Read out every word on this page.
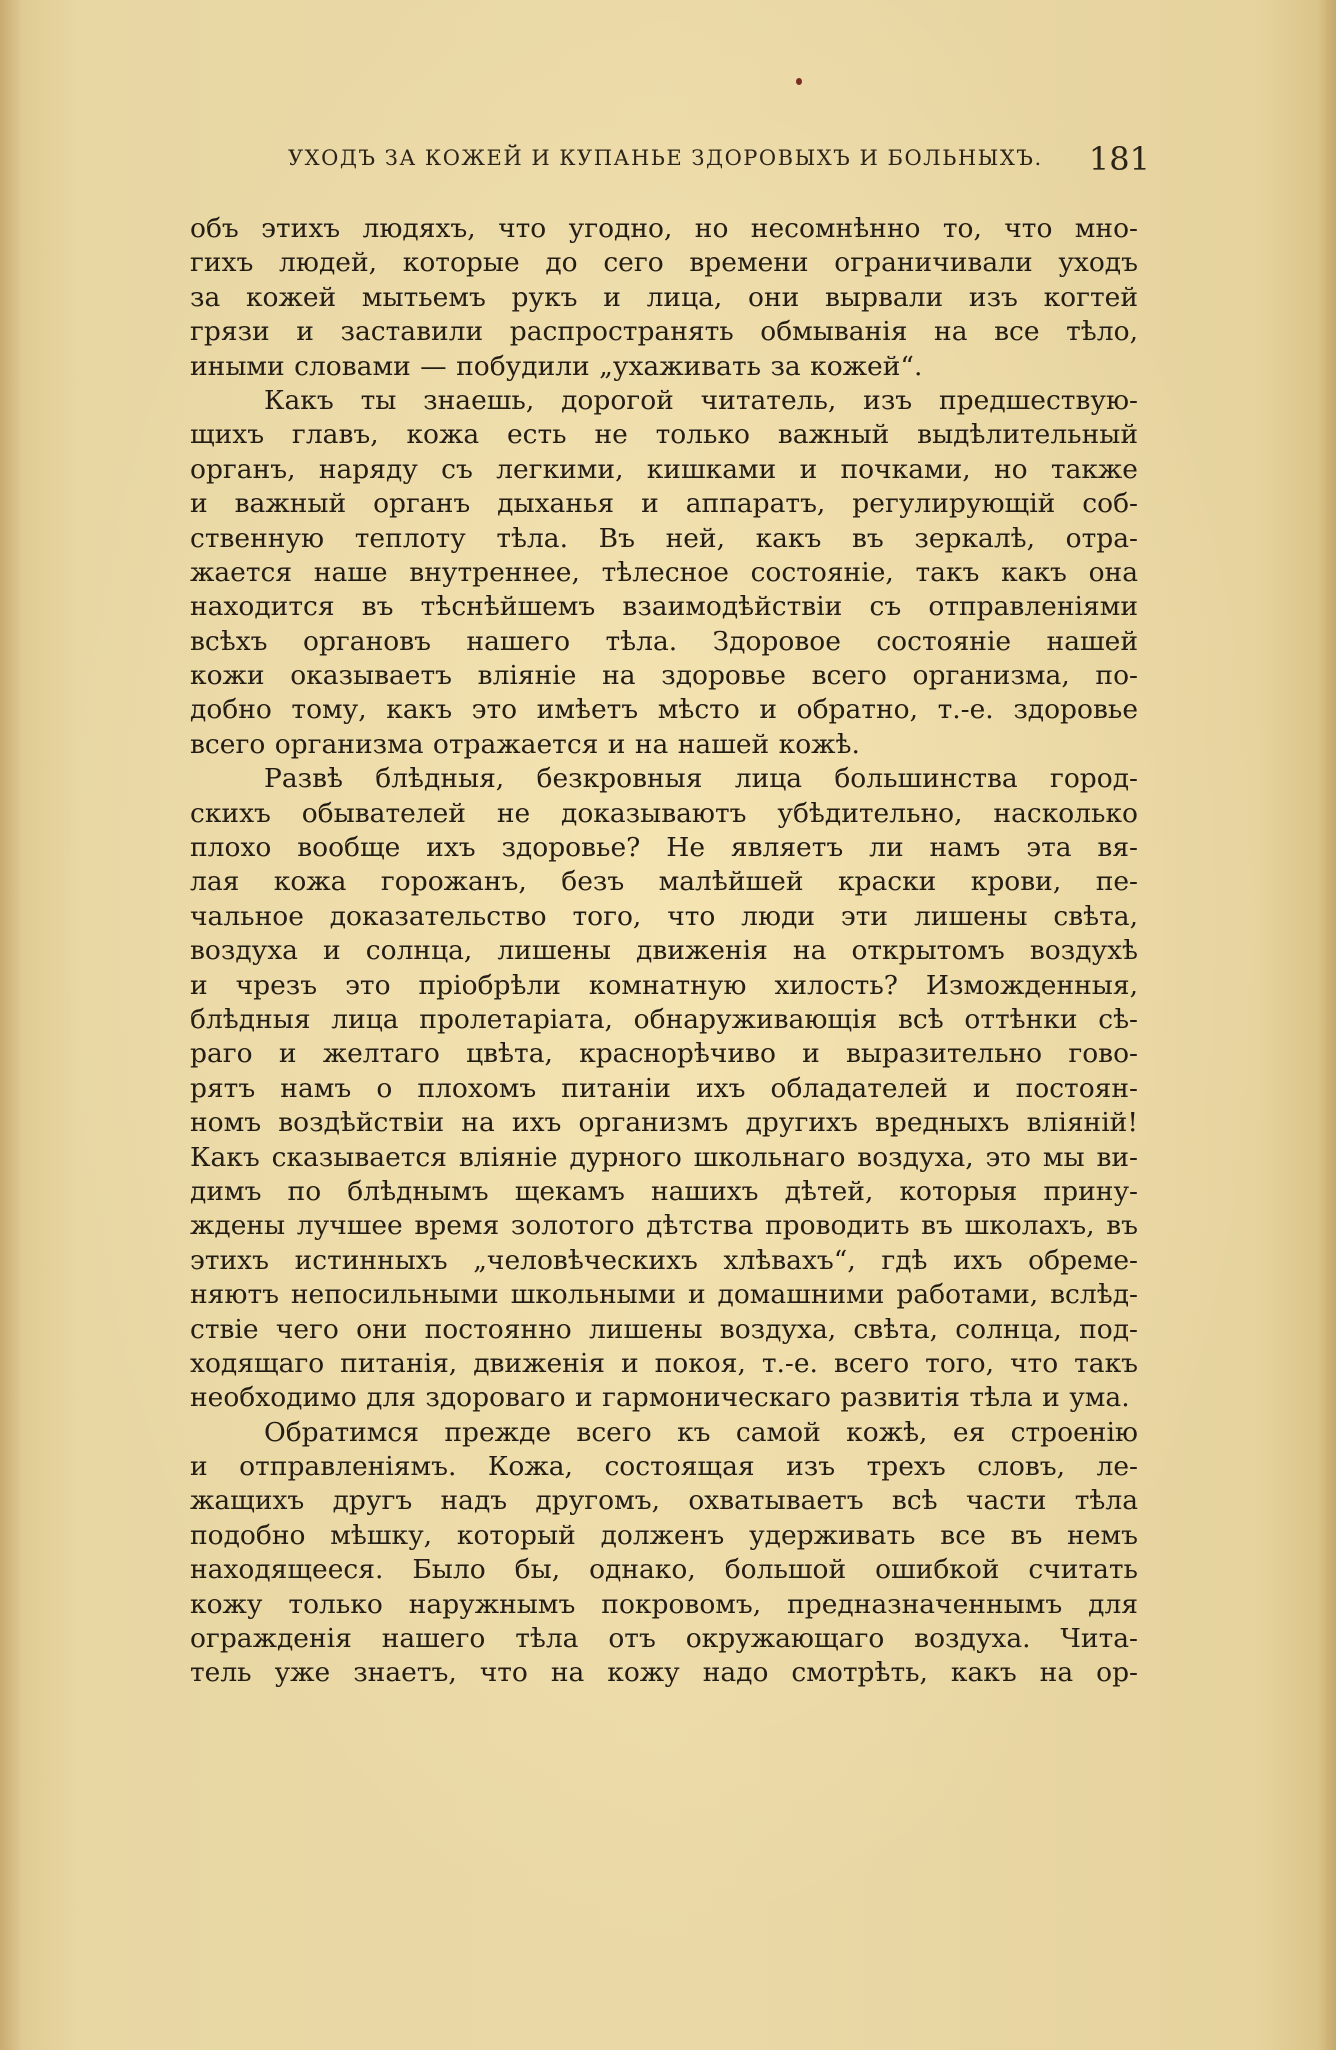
УХОДЪ ЗА КОЖЕЙ И КУПАНЬЕ ЗДОРОВЫХЪ И БОЛЬНЫХЪ. 181
объ этихъ людяхъ, что угодно, но несомнѣнно то, что мно-
гихъ людей, которые до сего времени ограничивали уходъ
за кожей мытьемъ рукъ и лица, они вырвали изъ когтей
грязи и заставили распространять обмыванія на все тѣло,
иными словами — побудили „ухаживать за кожей“.
Какъ ты знаешь, дорогой читатель, изъ предшествую-
щихъ главъ, кожа есть не только важный выдѣлительный
органъ, наряду съ легкими, кишками и почками, но также
и важный органъ дыханья и аппаратъ, регулирующій соб-
ственную теплоту тѣла. Въ ней, какъ въ зеркалѣ, отра-
жается наше внутреннее, тѣлесное состояніе, такъ какъ она
находится въ тѣснѣйшемъ взаимодѣйствіи съ отправленіями
всѣхъ органовъ нашего тѣла. Здоровое состояніе нашей
кожи оказываетъ вліяніе на здоровье всего организма, по-
добно тому, какъ это имѣетъ мѣсто и обратно, т.-е. здоровье
всего организма отражается и на нашей кожѣ.
Развѣ блѣдныя, безкровныя лица большинства город-
скихъ обывателей не доказываютъ убѣдительно, насколько
плохо вообще ихъ здоровье? Не являетъ ли намъ эта вя-
лая кожа горожанъ, безъ малѣйшей краски крови, пе-
чальное доказательство того, что люди эти лишены свѣта,
воздуха и солнца, лишены движенія на открытомъ воздухѣ
и чрезъ это пріобрѣли комнатную хилость? Изможденныя,
блѣдныя лица пролетаріата, обнаруживающія всѣ оттѣнки сѣ-
раго и желтаго цвѣта, краснорѣчиво и выразительно гово-
рятъ намъ о плохомъ питаніи ихъ обладателей и постоян-
номъ воздѣйствіи на ихъ организмъ другихъ вредныхъ вліяній!
Какъ сказывается вліяніе дурного школьнаго воздуха, это мы ви-
димъ по блѣднымъ щекамъ нашихъ дѣтей, которыя прину-
ждены лучшее время золотого дѣтства проводить въ школахъ, въ
этихъ истинныхъ „человѣческихъ хлѣвахъ“, гдѣ ихъ обреме-
няютъ непосильными школьными и домашними работами, вслѣд-
ствіе чего они постоянно лишены воздуха, свѣта, солнца, под-
ходящаго питанія, движенія и покоя, т.-е. всего того, что такъ
необходимо для здороваго и гармоническаго развитія тѣла и ума.
Обратимся прежде всего къ самой кожѣ, ея строенію
и отправленіямъ. Кожа, состоящая изъ трехъ словъ, ле-
жащихъ другъ надъ другомъ, охватываетъ всѣ части тѣла
подобно мѣшку, который долженъ удерживать все въ немъ
находящееся. Было бы, однако, большой ошибкой считать
кожу только наружнымъ покровомъ, предназначеннымъ для
огражденія нашего тѣла отъ окружающаго воздуха. Чита-
тель уже знаетъ, что на кожу надо смотрѣть, какъ на ор-
